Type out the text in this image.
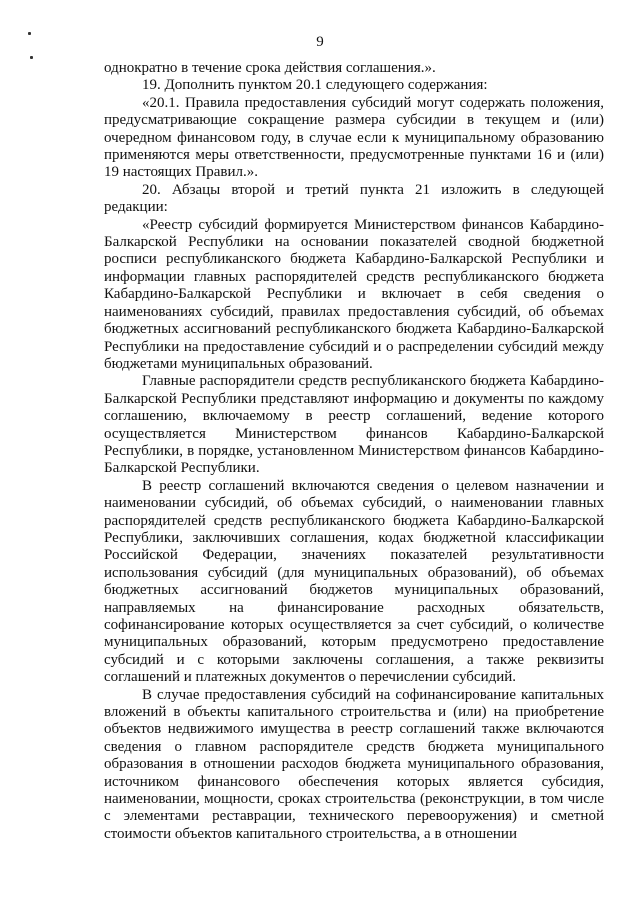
9

однократно в течение срока действия соглашения.».

19. Дополнить пунктом 20.1 следующего содержания:

«20.1. Правила предоставления субсидий могут содержать положения, предусматривающие сокращение размера субсидии в текущем и (или) очередном финансовом году, в случае если к муниципальному образованию применяются меры ответственности, предусмотренные пунктами 16 и (или) 19 настоящих Правил.».

20. Абзацы второй и третий пункта 21 изложить в следующей редакции:

«Реестр субсидий формируется Министерством финансов Кабардино-Балкарской Республики на основании показателей сводной бюджетной росписи республиканского бюджета Кабардино-Балкарской Республики и информации главных распорядителей средств республиканского бюджета Кабардино-Балкарской Республики и включает в себя сведения о наименованиях субсидий, правилах предоставления субсидий, об объемах бюджетных ассигнований республиканского бюджета Кабардино-Балкарской Республики на предоставление субсидий и о распределении субсидий между бюджетами муниципальных образований.

Главные распорядители средств республиканского бюджета Кабардино-Балкарской Республики представляют информацию и документы по каждому соглашению, включаемому в реестр соглашений, ведение которого осуществляется Министерством финансов Кабардино-Балкарской Республики, в порядке, установленном Министерством финансов Кабардино-Балкарской Республики.

В реестр соглашений включаются сведения о целевом назначении и наименовании субсидий, об объемах субсидий, о наименовании главных распорядителей средств республиканского бюджета Кабардино-Балкарской Республики, заключивших соглашения, кодах бюджетной классификации Российской Федерации, значениях показателей результативности использования субсидий (для муниципальных образований), об объемах бюджетных ассигнований бюджетов муниципальных образований, направляемых на финансирование расходных обязательств, софинансирование которых осуществляется за счет субсидий, о количестве муниципальных образований, которым предусмотрено предоставление субсидий и с которыми заключены соглашения, а также реквизиты соглашений и платежных документов о перечислении субсидий.

В случае предоставления субсидий на софинансирование капитальных вложений в объекты капитального строительства и (или) на приобретение объектов недвижимого имущества в реестр соглашений также включаются сведения о главном распорядителе средств бюджета муниципального образования в отношении расходов бюджета муниципального образования, источником финансового обеспечения которых является субсидия, наименовании, мощности, сроках строительства (реконструкции, в том числе с элементами реставрации, технического перевооружения) и сметной стоимости объектов капитального строительства, а в отношении
